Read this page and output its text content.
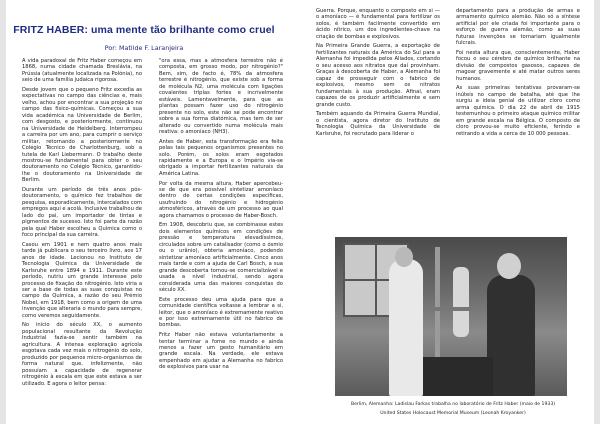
FRITZ HABER: uma mente tão brilhante como cruel
Por: Matilde F. Laranjeira

A vida paradoxal de Fritz Haber começou em 1868, numa cidade chamada Breslávia, na Prússia (atualmente localizada na Polónia), no seio de uma família judaica rigorosa.

Desde jovem que o pequeno Fritz excedia as expectativas no campo das ciências e, mais velho, achou por encontrar a sua projeção no campo das físico-químicas. Começou a sua vida académica na Universidade de Berlim, com desgosto, e posteriormente, continuou na Universidade de Heidelberg. Interrompeu a carreira por um ano, para cumprir o serviço militar, retornando a posteriormente no Colégio Técnico de Charlottenburg, sob a tutela de Karl Liebermann. O trabalho deste mostrou-se fundamental para obter o seu doutoramento no Colégio Técnico, garantido-lhe o doutoramento na Universidade de Berlim.

Durante um período de três anos pós-doutoramento, o químico fez trabalhos de pesquisa, esporadicamente, intercalados com empregos aqui e acolá. Inclusive trabalhou de lado do pai, um importador de tintas e pigmentos de sucesso. Isto foi parte da razão pela qual Haber escolheu a Química como o foco principal da sua carreira.

Casou em 1901 e nem quatro anos mais tarde já publicara o seu terceiro livro, aos 17 anos de idade. Lecionou no Instituto de Tecnologia Química da Universidade de Karlsruhe entre 1894 e 1911. Durante este período, nutriu um grande interesse pelo processo de fixação do nitrogénio. Isto viria a ser a base de todas as suas conquistas no campo da Química, a razão do seu Prémio Nobel, em 1918, bem como a origem de uma invenção que alteraria o mundo para sempre, como veremos seguidamente.

No início do século XX, o aumento populacional resultante da Revolução Industrial fazia-se sentir também na agricultura. A intensa exploração agrícola esgotava cada vez mais o nitrogénio do solo, produzido por pequenos micro-organismos de forma natural que, infelizmente, não possuíam a capacidade de regenerar nitrogénio à escala em que este estava a ser utilizado. E agora o leitor pensa:

"ora essa, mas a atmosfera terrestre não é composta, em grosso modo, por nitrogénio?" Bem, sim, de facto é, 78% da atmosfera terrestre é nitrogénio, que existe sob a forma de molécula N2, uma molécula com ligações covalentes triplas fortes e incrivelmente estáveis. Lamentavelmente, para que as plantas possam fazer uso do nitrogénio presente no solo, este não se pode encontrar sobre a sua forma diatómica, mas tem de ser alterado ou convertido numa molécula mais reativa: o amoníaco (NH3).

Antes de Haber, esta transformação era feita pelas tais pequenos organismos presentes no solo. Porém, os solos eram esgotados rapidamente e a Europa e o Império via-se obrigado a importar fertilizantes naturais da América Latina.

Por volta da mesma altura, Haber apercebeu-se de que era possível sintetizar amoníaco dentro de certas condições específicas, usufruindo do nitrogénio e hidrogénio atmosféricos, através de um processo ao qual agora chamamos o processo de Haber-Bosch.

Em 1908, descobriu que, se combinasse estes dois elementos químicos em condições de pressão e temperatura elevadíssimos, circulados sobre um catalisador (como o ósmio ou o urânio), obteria amoníaco, podendo sintetizar amoníaco artificialmente. Cinco anos mais tarde e com a ajuda de Carl Bosch, a sua grande descoberta tornou-se comercializável e usada a nível industrial, sendo agora considerada uma das maiores conquistas do século XX.

Este processo deu uma ajuda para que a comunidade científica voltasse a lembrar a si, leitor, que o amoníaco é extremamente reativo e por isso extremamente útil no fabrico de bombas.

Fritz Haber não estava voluntariamente a tentar terminar a fome no mundo e ainda menos a fazer um gesto humanitário em grande escala. Na verdade, ele estava empenhado em ajudar a Alemanha no fabrico de explosivos para usar na

Guerra. Porque, enquanto o composto em si — o amoníaco — é fundamental para fertilizar os solos, é também facilmente convertido em ácido nítrico, um dos ingredientes-chave na criação de bombas e explosivos.

Na Primeira Grande Guerra, a exportação de fertilizantes naturais da América do Sul para a Alemanha foi impedida pelos Aliados, cortando o seu acesso aos nitratos que daí provinham. Graças à descoberta de Haber, a Alemanha foi capaz de prosseguir com o fabrico de explosivos, mesmo sem os nitratos fundamentais à sua produção. Afinal, eram capazes de os produzir artificialmente e sem grande custo.

Também aquando da Primeira Guerra Mundial, o cientista, agora diretor do Instituto de Tecnologia Química da Universidade de Karlsruhe, foi recrutado para liderar o

departamento para a produção de armas e armamento químico alemão. Não só a síntese artificial por ele criada foi importante para o esforço de guerra alemão, como as suas futuras invenções se tornariam igualmente fulcrais.

Foi nesta altura que, conscientemente, Haber focou o seu cérebro de químico brilhante na divisão de compostos gasosos, capazes de magoar gravemente e até matar outros seres humanos.

As suas primeiras tentativas provaram-se inúteis no campo de batalha, até que lhe surgiu a ideia genial de utilizar cloro como arma química. O dia 22 de abril de 1915 testemunhou o primeiro ataque químico militar em grande escala na Bélgica. O composto de cloro provou-se muito eficiente, ferindo e retirando a vida a cerca de 10 000 pessoas.

Berlim, Alemanha: Ladislau Farkas trabalha no laboratório de Fritz Haber (maio de 1933)
United States Holocaust Memorial Museum (Leonah Kroyanker)
